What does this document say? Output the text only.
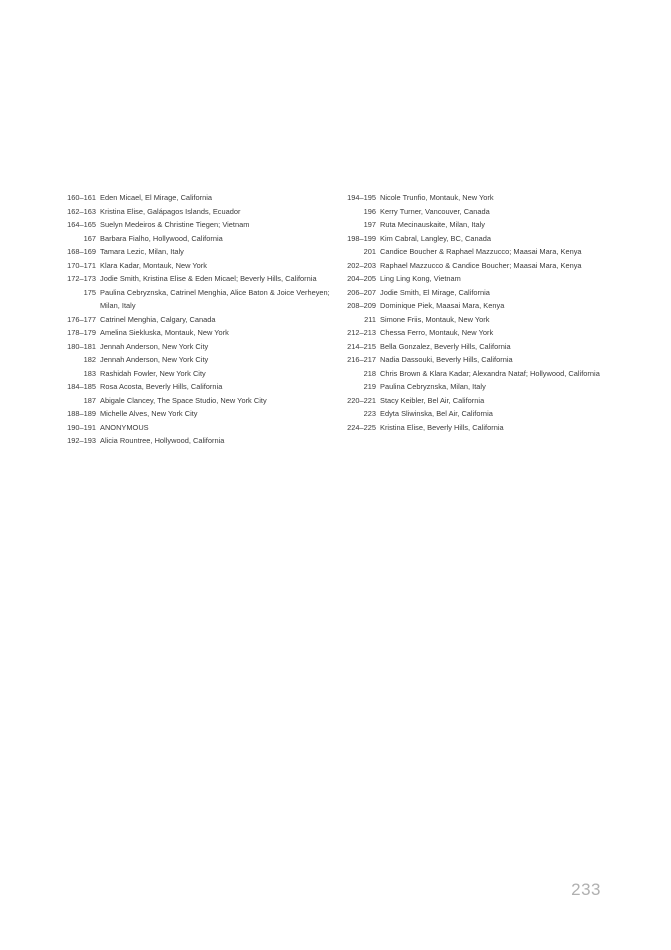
160–161 Eden Micael, El Mirage, California
162–163 Kristina Elise, Galápagos Islands, Ecuador
164–165 Suelyn Medeiros & Christine Tiegen; Vietnam
167 Barbara Fialho, Hollywood, California
168–169 Tamara Lezic, Milan, Italy
170–171 Klara Kadar, Montauk, New York
172–173 Jodie Smith, Kristina Elise & Eden Micael; Beverly Hills, California
175 Paulina Cebryznska, Catrinel Menghia, Alice Baton & Joice Verheyen; Milan, Italy
176–177 Catrinel Menghia, Calgary, Canada
178–179 Amelina Siekluska, Montauk, New York
180–181 Jennah Anderson, New York City
182 Jennah Anderson, New York City
183 Rashidah Fowler, New York City
184–185 Rosa Acosta, Beverly Hills, California
187 Abigale Clancey, The Space Studio, New York City
188–189 Michelle Alves, New York City
190–191 ANONYMOUS
192–193 Alicia Rountree, Hollywood, California
194–195 Nicole Trunfio, Montauk, New York
196 Kerry Turner, Vancouver, Canada
197 Ruta Mecinauskaite, Milan, Italy
198–199 Kim Cabral, Langley, BC, Canada
201 Candice Boucher & Raphael Mazzucco; Maasai Mara, Kenya
202–203 Raphael Mazzucco & Candice Boucher; Maasai Mara, Kenya
204–205 Ling Ling Kong, Vietnam
206–207 Jodie Smith, El Mirage, California
208–209 Dominique Piek, Maasai Mara, Kenya
211 Simone Friis, Montauk, New York
212–213 Chessa Ferro, Montauk, New York
214–215 Bella Gonzalez, Beverly Hills, California
216–217 Nadia Dassouki, Beverly Hills, California
218 Chris Brown & Klara Kadar; Alexandra Nataf; Hollywood, California
219 Paulina Cebryznska, Milan, Italy
220–221 Stacy Keibler, Bel Air, California
223 Edyta Sliwinska, Bel Air, California
224–225 Kristina Elise, Beverly Hills, California
233
